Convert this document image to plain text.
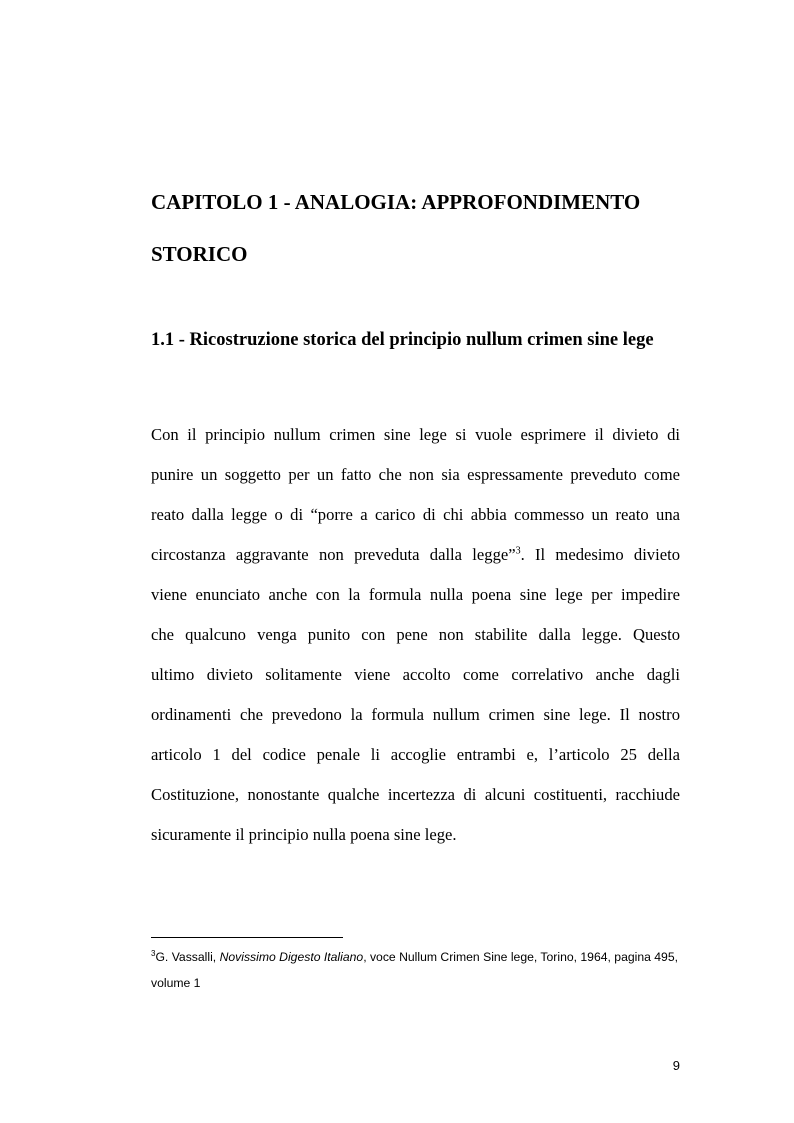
CAPITOLO 1 - ANALOGIA: APPROFONDIMENTO
STORICO
1.1 - Ricostruzione storica del principio nullum crimen sine lege
Con il principio nullum crimen sine lege si vuole esprimere il divieto di
punire un soggetto per un fatto che non sia espressamente preveduto come
reato dalla legge o di “porre a carico di chi abbia commesso un reato una
circostanza aggravante non preveduta dalla legge”$^3$. Il medesimo divieto
viene enunciato anche con la formula nulla poena sine lege per impedire
che qualcuno venga punito con pene non stabilite dalla legge. Questo
ultimo divieto solitamente viene accolto come correlativo anche dagli
ordinamenti che prevedono la formula nullum crimen sine lege. Il nostro
articolo 1 del codice penale li accoglie entrambi e, l’articolo 25 della
Costituzione, nonostante qualche incertezza di alcuni costituenti, racchiude
sicuramente il principio nulla poena sine lege.
$^3$G. Vassalli, Novissimo Digesto Italiano, voce Nullum Crimen Sine lege, Torino, 1964, pagina 495,
volume 1
9
